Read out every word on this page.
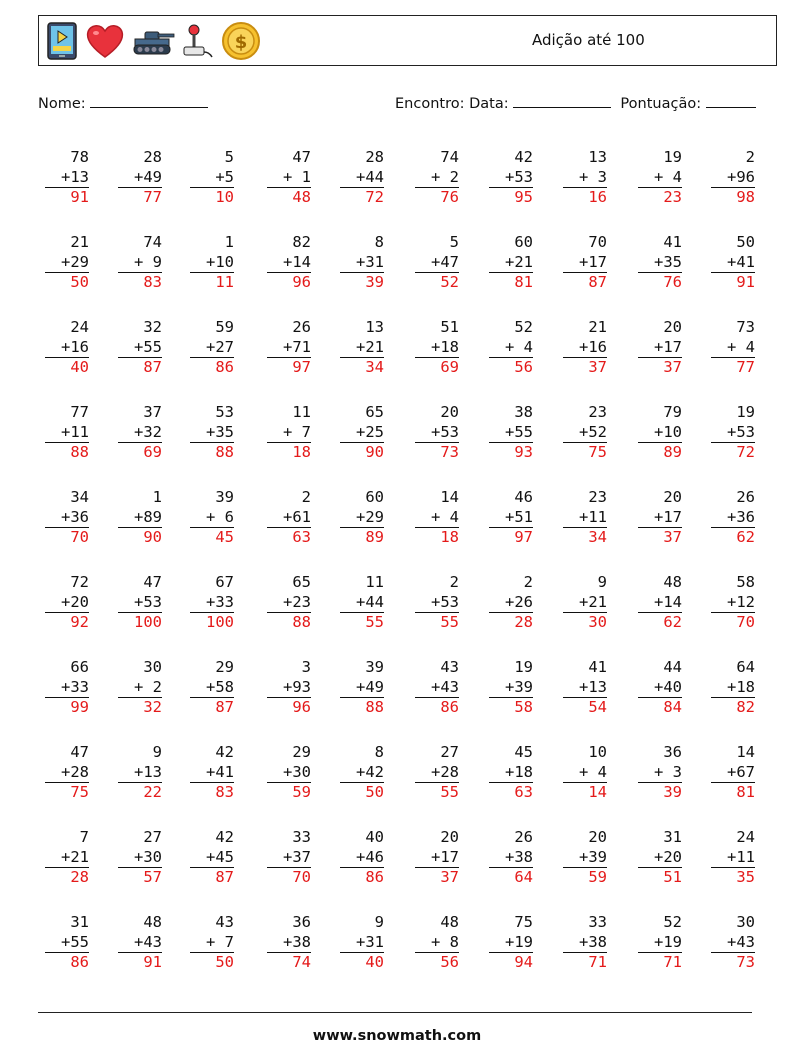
$	Adição até 100
Nome:	Encontro: Data:	Pontuação:
78
+13
91
28
+49
77
5
+5
10
47
+ 1
48
28
+44
72
74
+ 2
76
42
+53
95
13
+ 3
16
19
+ 4
23
2
+96
98
21
+29
50
74
+ 9
83
1
+10
11
82
+14
96
8
+31
39
5
+47
52
60
+21
81
70
+17
87
41
+35
76
50
+41
91
24
+16
40
32
+55
87
59
+27
86
26
+71
97
13
+21
34
51
+18
69
52
+ 4
56
21
+16
37
20
+17
37
73
+ 4
77
77
+11
88
37
+32
69
53
+35
88
11
+ 7
18
65
+25
90
20
+53
73
38
+55
93
23
+52
75
79
+10
89
19
+53
72
34
+36
70
1
+89
90
39
+ 6
45
2
+61
63
60
+29
89
14
+ 4
18
46
+51
97
23
+11
34
20
+17
37
26
+36
62
72
+20
92
47
+53
100
67
+33
100
65
+23
88
11
+44
55
2
+53
55
2
+26
28
9
+21
30
48
+14
62
58
+12
70
66
+33
99
30
+ 2
32
29
+58
87
3
+93
96
39
+49
88
43
+43
86
19
+39
58
41
+13
54
44
+40
84
64
+18
82
47
+28
75
9
+13
22
42
+41
83
29
+30
59
8
+42
50
27
+28
55
45
+18
63
10
+ 4
14
36
+ 3
39
14
+67
81
7
+21
28
27
+30
57
42
+45
87
33
+37
70
40
+46
86
20
+17
37
26
+38
64
20
+39
59
31
+20
51
24
+11
35
31
+55
86
48
+43
91
43
+ 7
50
36
+38
74
9
+31
40
48
+ 8
56
75
+19
94
33
+38
71
52
+19
71
30
+43
73
www.snowmath.com
